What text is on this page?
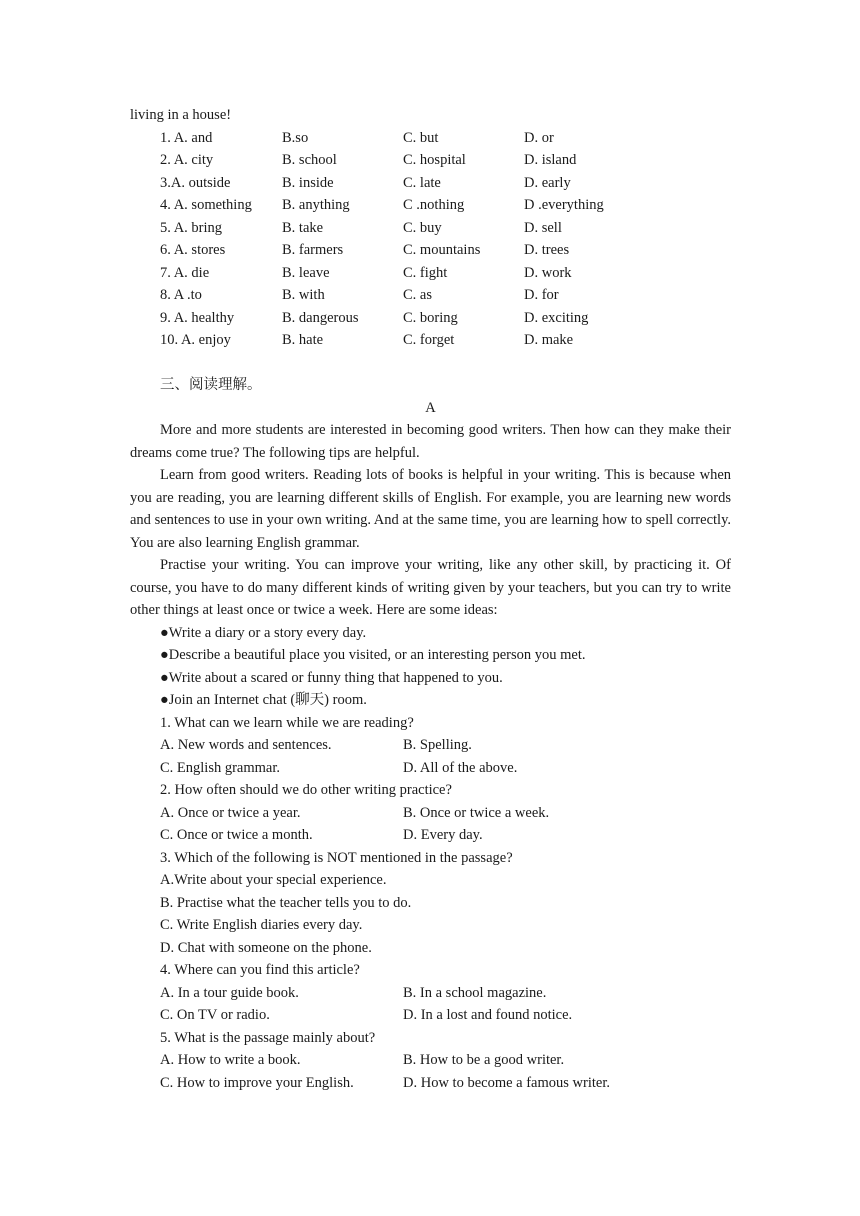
living in a house!
1. A. and	B.so	C. but	D. or
2. A. city	B. school	C. hospital	D. island
3.A. outside	B. inside	C. late	D. early
4. A. something B. anything	C .nothing	D .everything
5. A. bring	B. take	C. buy	D. sell
6. A. stores	B. farmers	C. mountains	D. trees
7. A. die	B. leave	C. fight	D. work
8. A .to	B. with	C. as	D. for
9. A. healthy	B. dangerous	C. boring	D. exciting
10. A. enjoy	B. hate	C. forget	D. make
三、阅读理解。
A

More and more students are interested in becoming good writers. Then how can they make their dreams come true? The following tips are helpful.

Learn from good writers. Reading lots of books is helpful in your writing. This is because when you are reading, you are learning different skills of English. For example, you are learning new words and sentences to use in your own writing. And at the same time, you are learning how to spell correctly. You are also learning English grammar.

Practise your writing. You can improve your writing, like any other skill, by practicing it. Of course, you have to do many different kinds of writing given by your teachers, but you can try to write other things at least once or twice a week. Here are some ideas:

●Write a diary or a story every day.
●Describe a beautiful place you visited, or an interesting person you met.
●Write about a scared or funny thing that happened to you.
●Join an Internet chat (聊天) room.
1. What can we learn while we are reading?
A. New words and sentences.	B. Spelling.
C. English grammar.	D. All of the above.
2. How often should we do other writing practice?
A. Once or twice a year.	B. Once or twice a week.
C. Once or twice a month.	D. Every day.
3. Which of the following is NOT mentioned in the passage?
A.Write about your special experience.
B. Practise what the teacher tells you to do.
C. Write English diaries every day.
D. Chat with someone on the phone.
4. Where can you find this article?
A. In a tour guide book.	B. In a school magazine.
C. On TV or radio.	D. In a lost and found notice.
5. What is the passage mainly about?
A. How to write a book.	B. How to be a good writer.
C. How to improve your English.	D. How to become a famous writer.
